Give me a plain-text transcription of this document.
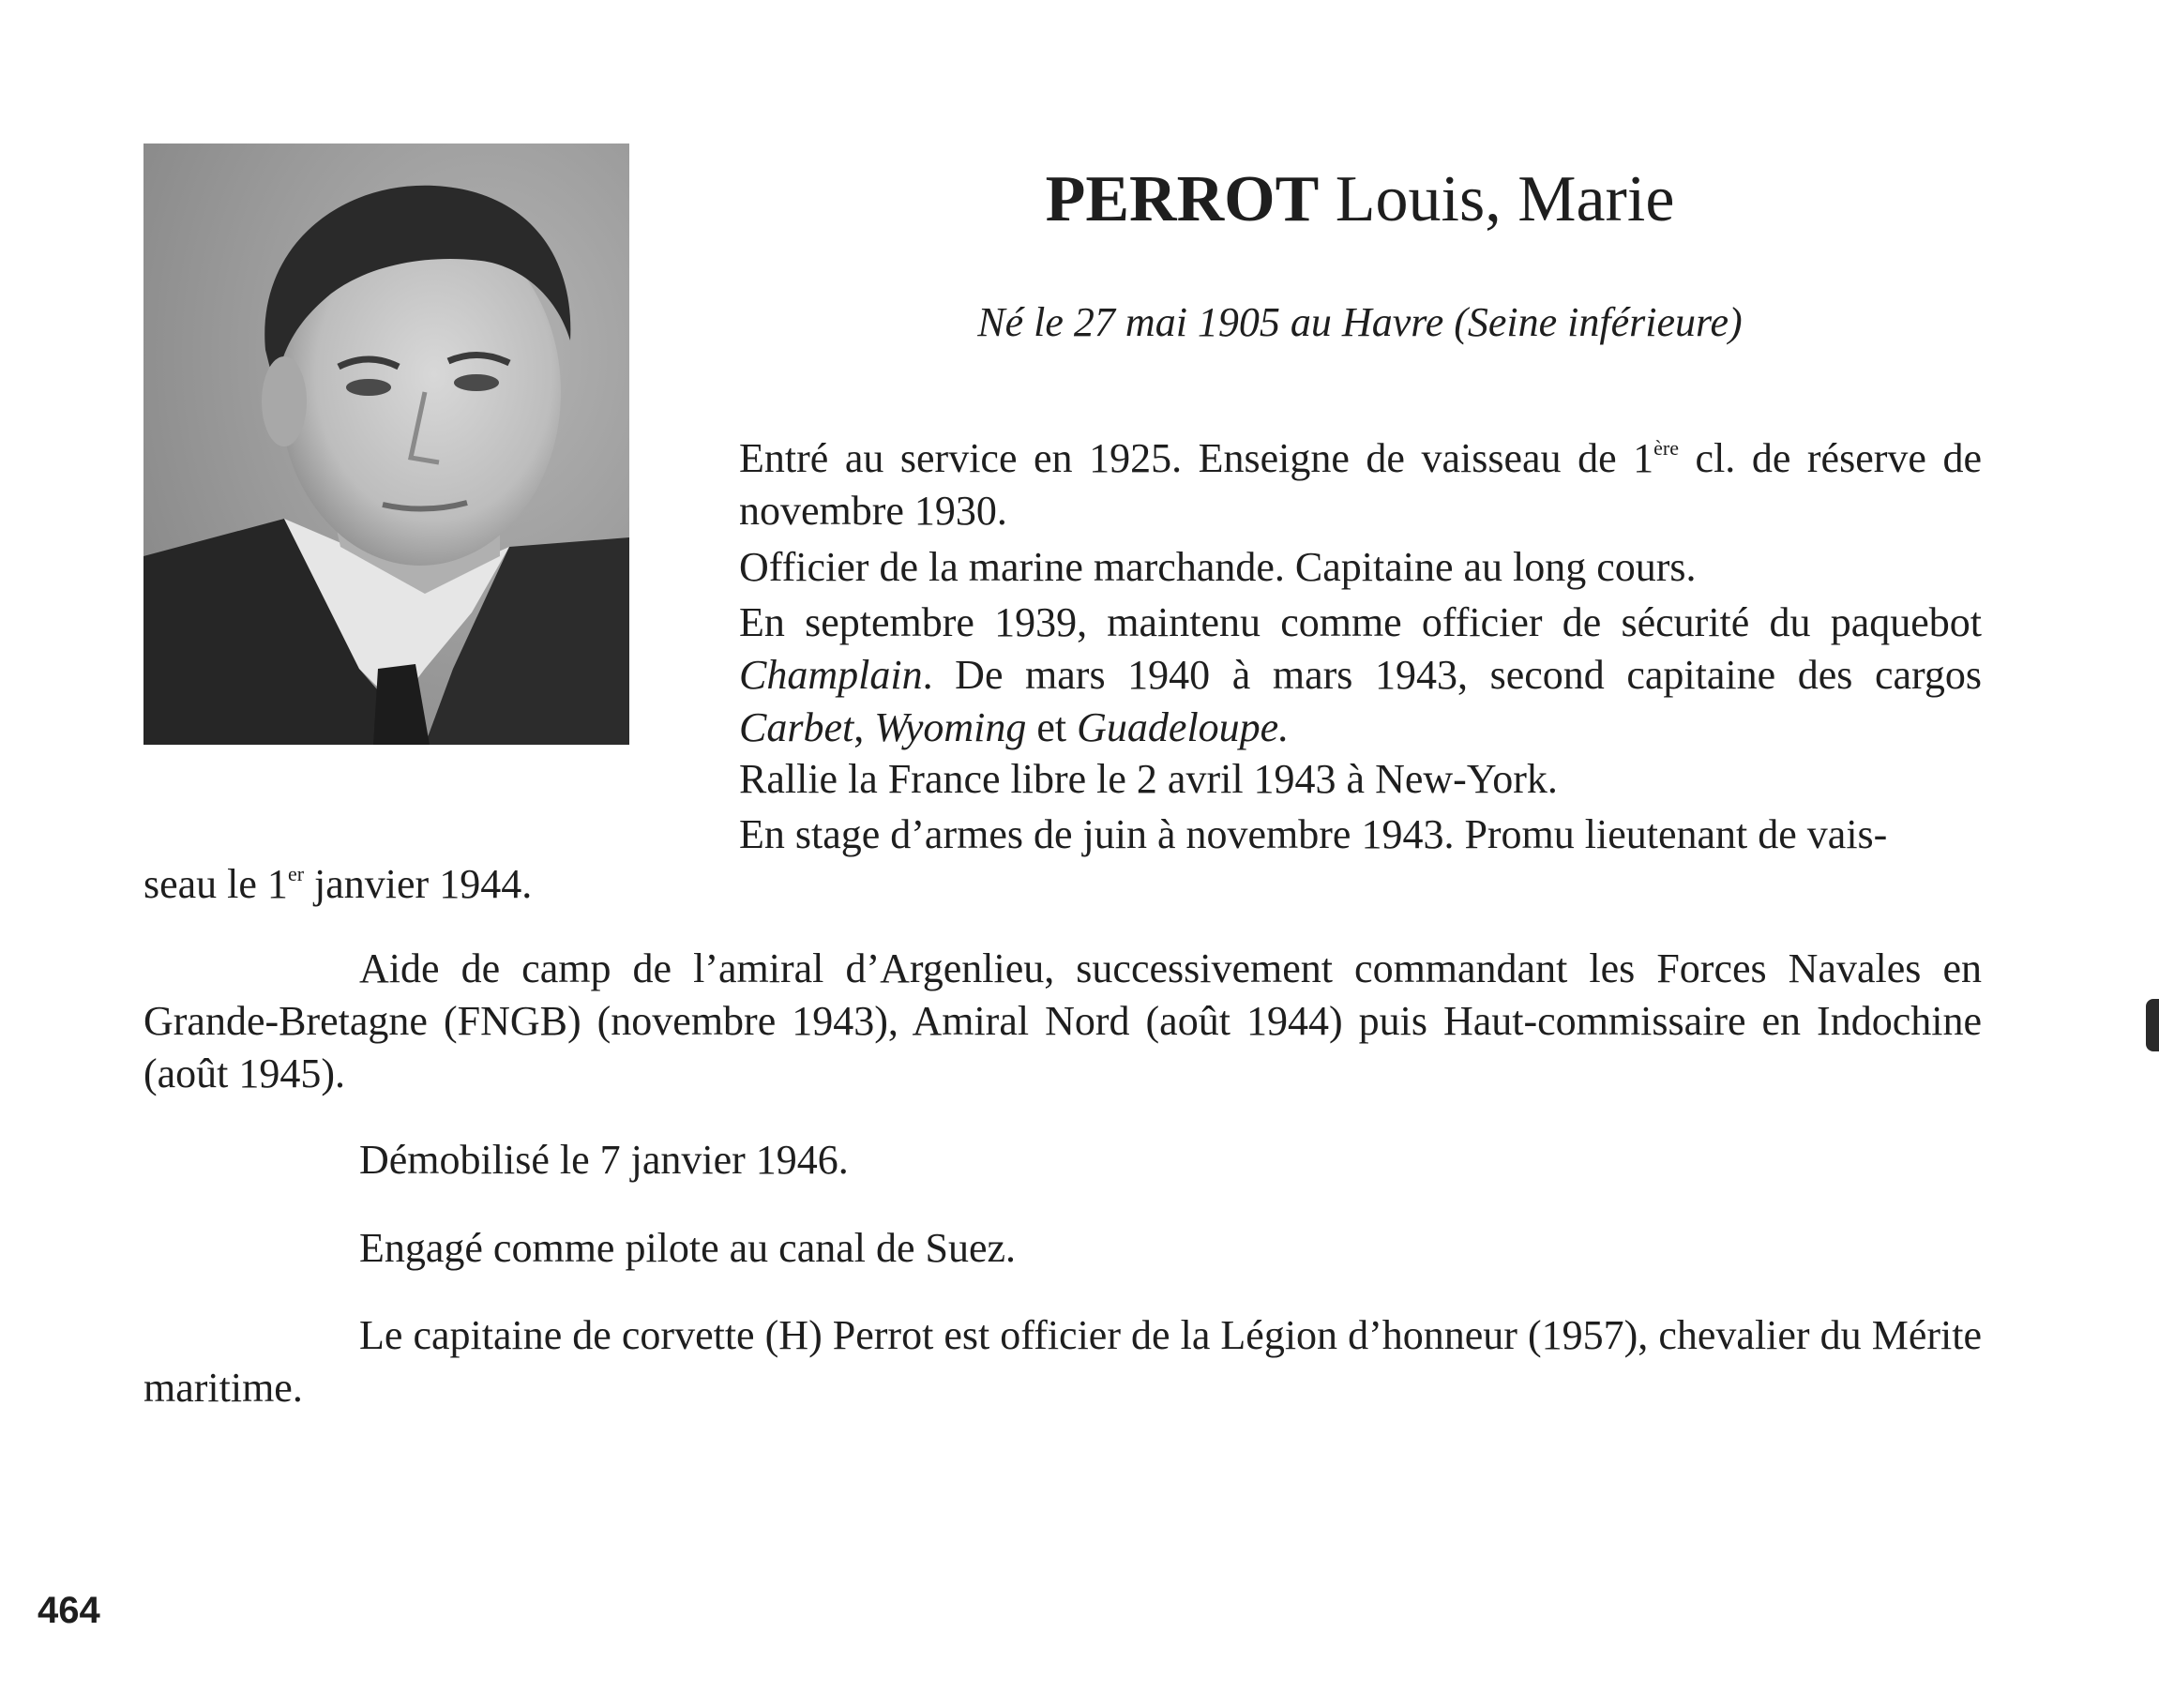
PERROT Louis, Marie
Né le 27 mai 1905 au Havre (Seine inférieure)

Entré au service en 1925. Enseigne de vaisseau de 1ère cl. de réserve de novembre 1930.

Officier de la marine marchande. Capitaine au long cours.

En septembre 1939, maintenu comme officier de sécurité du paquebot Champlain. De mars 1940 à mars 1943, second capitaine des cargos Carbet, Wyoming et Guadeloupe.

Rallie la France libre le 2 avril 1943 à New-York.

En stage d’armes de juin à novembre 1943. Promu lieutenant de vais-

seau le 1er janvier 1944.

Aide de camp de l’amiral d’Argenlieu, successivement commandant les Forces Navales en Grande-Bretagne (FNGB) (novembre 1943), Amiral Nord (août 1944) puis Haut-commissaire en Indochine (août 1945).

Démobilisé le 7 janvier 1946.

Engagé comme pilote au canal de Suez.

Le capitaine de corvette (H) Perrot est officier de la Légion d’honneur (1957), chevalier du Mérite maritime.

464
